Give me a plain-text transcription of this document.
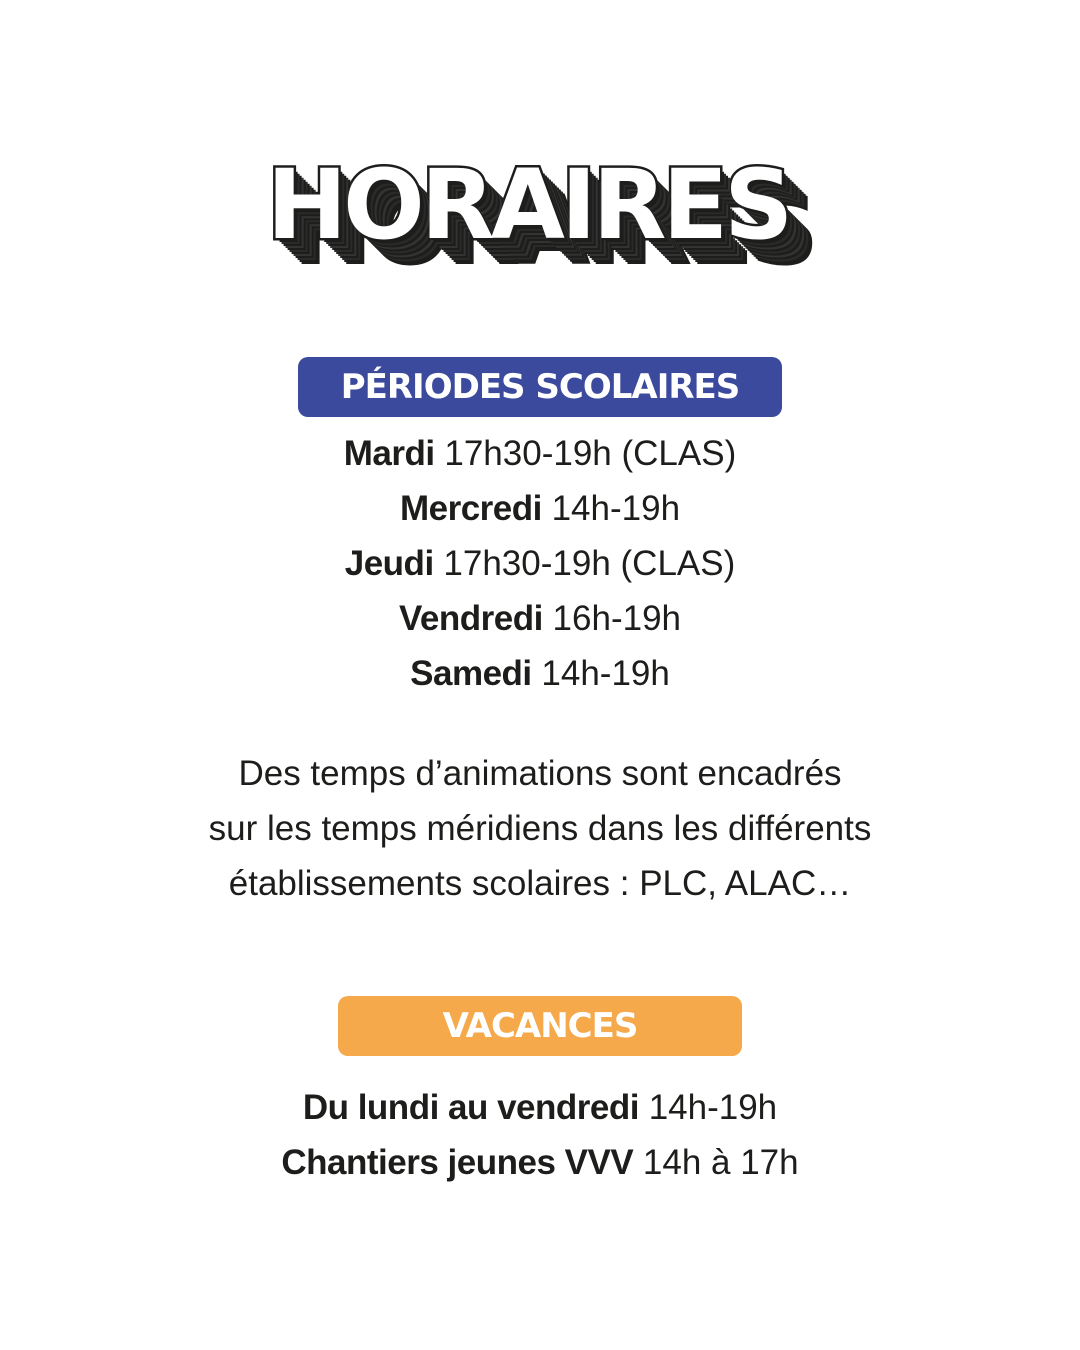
HORAIRES
PÉRIODES SCOLAIRES
Mardi 17h30-19h (CLAS)
Mercredi 14h-19h
Jeudi 17h30-19h (CLAS)
Vendredi 16h-19h
Samedi 14h-19h
Des temps d’animations sont encadrés
sur les temps méridiens dans les différents
établissements scolaires : PLC, ALAC…
VACANCES
Du lundi au vendredi 14h-19h
Chantiers jeunes VVV 14h à 17h
